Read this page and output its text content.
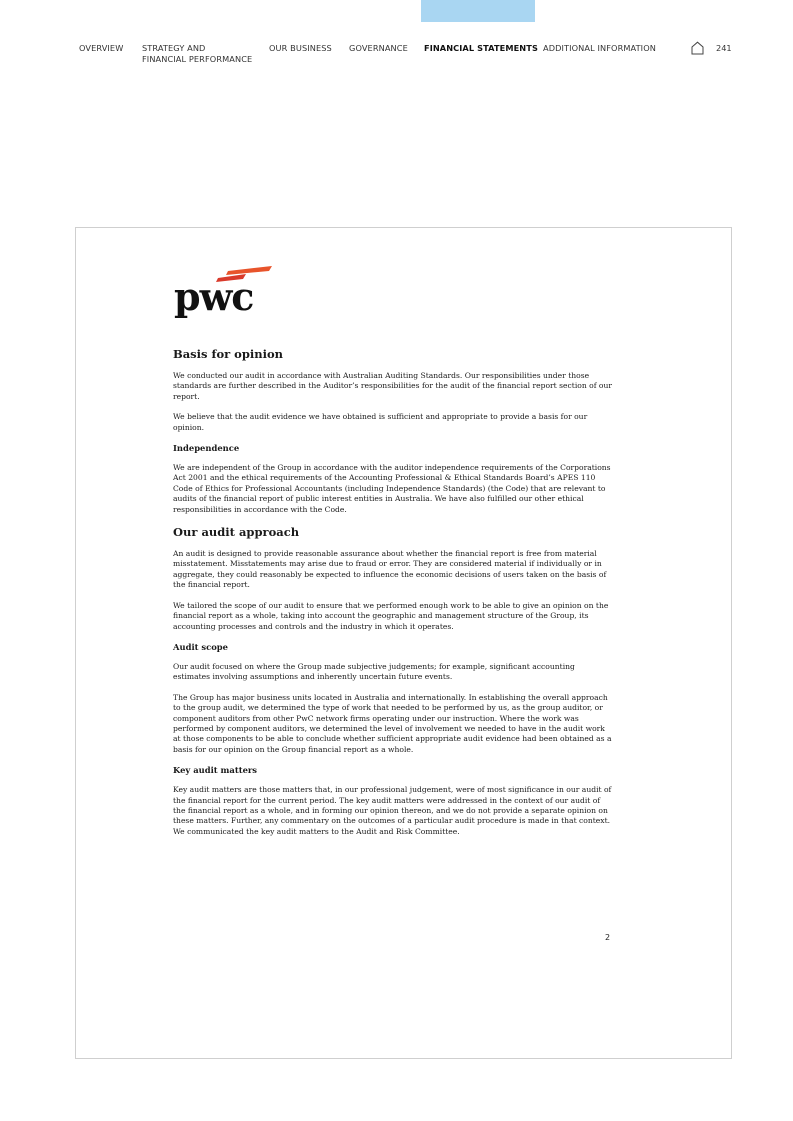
OVERVIEW STRATEGY AND
FINANCIAL PERFORMANCE
OUR BUSINESS GOVERNANCE FINANCIAL STATEMENTS ADDITIONAL INFORMATION	241
pwc
Basis for opinion
We conducted our audit in accordance with Australian Auditing Standards. Our responsibilities under those standards are further described in the Auditor’s responsibilities for the audit of the financial report section of our report.
We believe that the audit evidence we have obtained is sufficient and appropriate to provide a basis for our opinion.
Independence
We are independent of the Group in accordance with the auditor independence requirements of the Corporations Act 2001 and the ethical requirements of the Accounting Professional & Ethical Standards Board’s APES 110 Code of Ethics for Professional Accountants (including Independence Standards) (the Code) that are relevant to audits of the financial report of public interest entities in Australia. We have also fulfilled our other ethical responsibilities in accordance with the Code.
Our audit approach
An audit is designed to provide reasonable assurance about whether the financial report is free from material misstatement. Misstatements may arise due to fraud or error. They are considered material if individually or in aggregate, they could reasonably be expected to influence the economic decisions of users taken on the basis of the financial report.
We tailored the scope of our audit to ensure that we performed enough work to be able to give an opinion on the financial report as a whole, taking into account the geographic and management structure of the Group, its accounting processes and controls and the industry in which it operates.
Audit scope
Our audit focused on where the Group made subjective judgements; for example, significant accounting estimates involving assumptions and inherently uncertain future events.
The Group has major business units located in Australia and internationally. In establishing the overall approach to the group audit, we determined the type of work that needed to be performed by us, as the group auditor, or component auditors from other PwC network firms operating under our instruction. Where the work was performed by component auditors, we determined the level of involvement we needed to have in the audit work at those components to be able to conclude whether sufficient appropriate audit evidence had been obtained as a basis for our opinion on the Group financial report as a whole.
Key audit matters
Key audit matters are those matters that, in our professional judgement, were of most significance in our audit of the financial report for the current period. The key audit matters were addressed in the context of our audit of the financial report as a whole, and in forming our opinion thereon, and we do not provide a separate opinion on these matters. Further, any commentary on the outcomes of a particular audit procedure is made in that context. We communicated the key audit matters to the Audit and Risk Committee.
2
